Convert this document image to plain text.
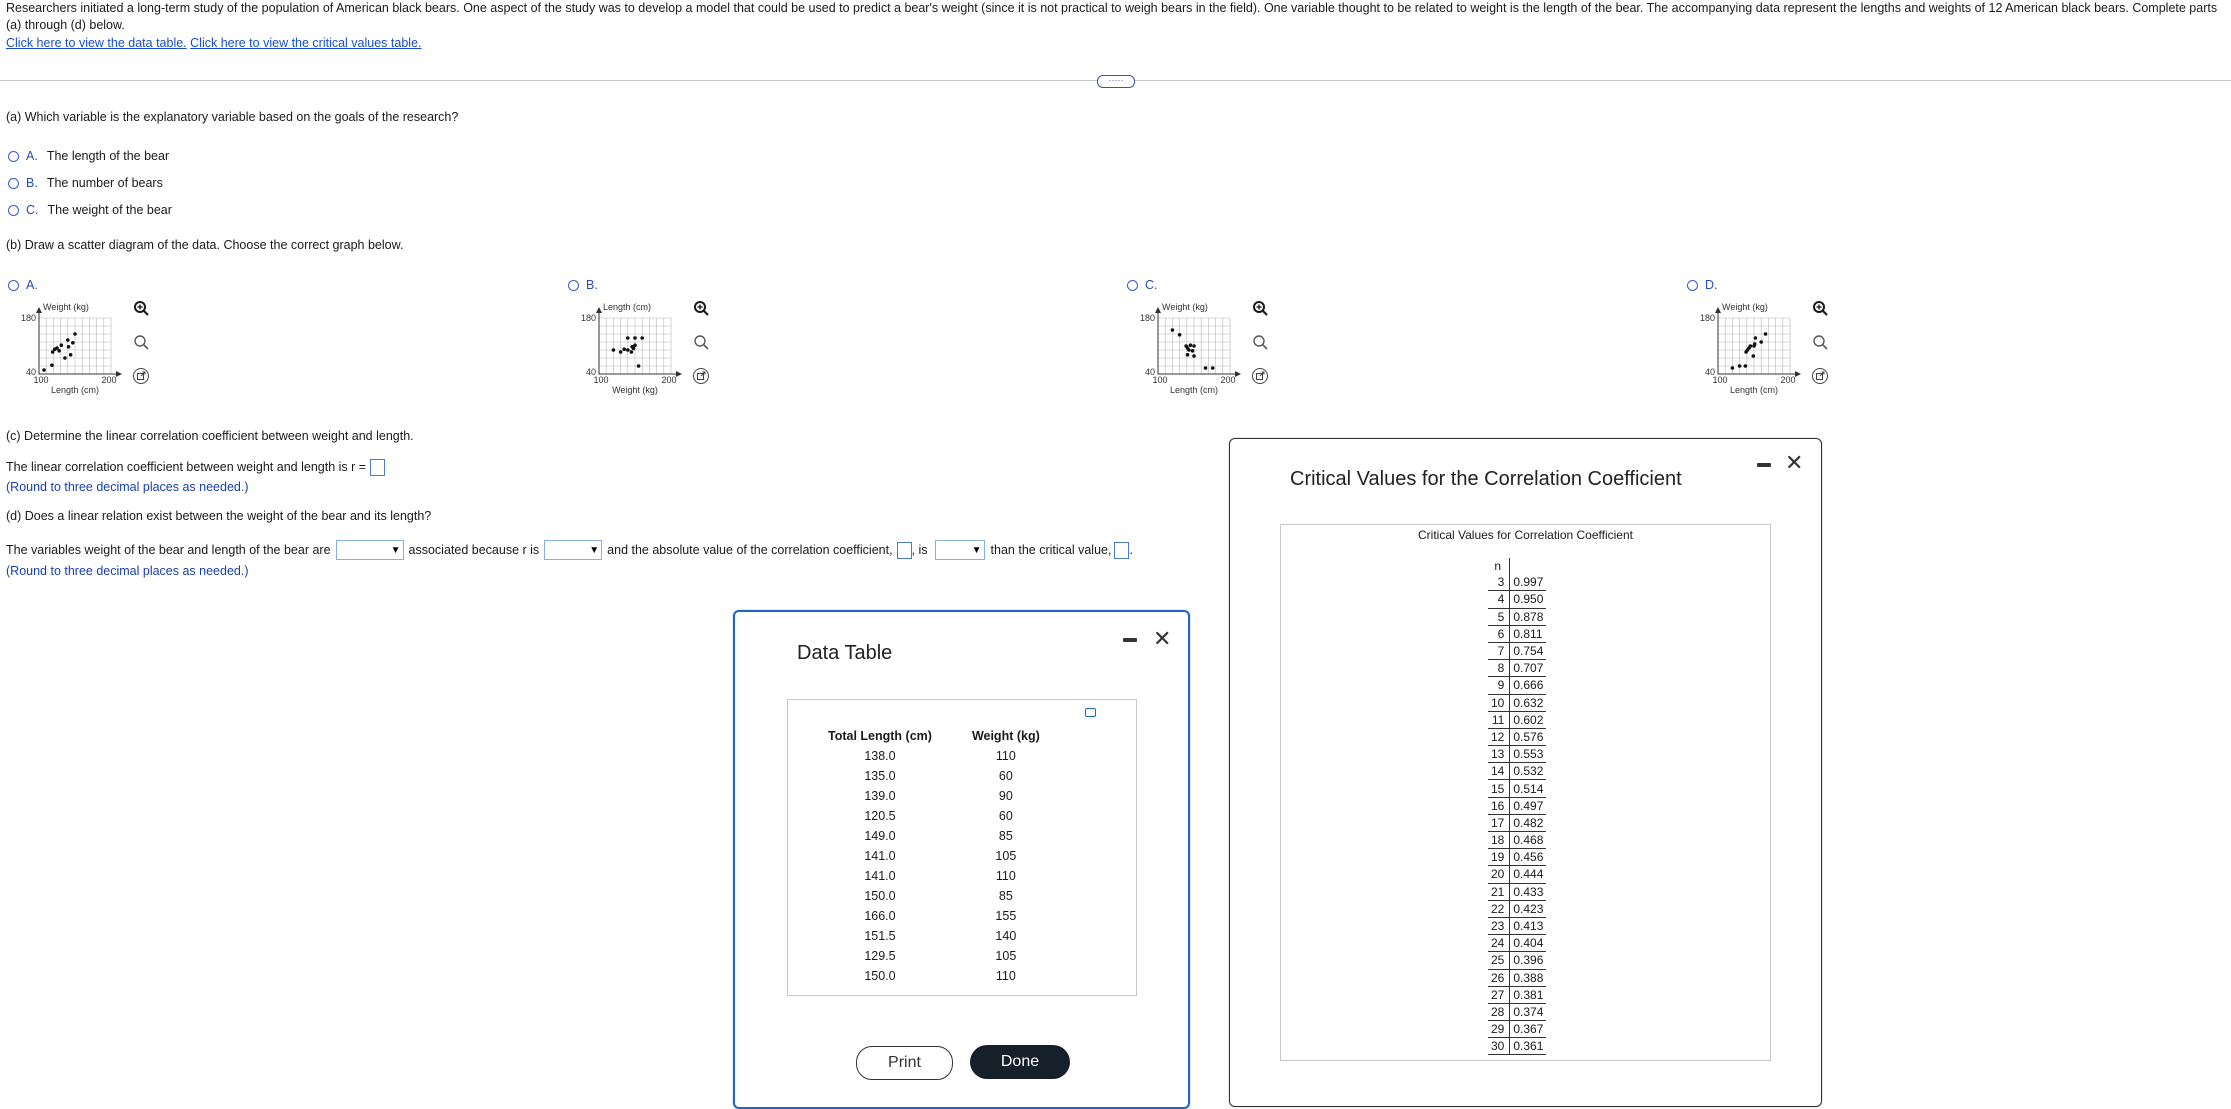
Researchers initiated a long-term study of the population of American black bears. One aspect of the study was to develop a model that could be used to predict a bear's weight (since it is not practical to weigh bears in the field). One variable thought to be related to weight is the length of the bear. The accompanying data represent the lengths and weights of 12 American black bears. Complete parts (a) through (d) below.
Click here to view the data table. Click here to view the critical values table.
·····
(a) Which variable is the explanatory variable based on the goals of the research?
A. The length of the bear
B. The number of bears
C. The weight of the bear
(b) Draw a scatter diagram of the data. Choose the correct graph below.
A.
Weight (kg)
180
40
100	200
Length (cm)
B.
Length (cm)
180
40
100	200
Weight (kg)
C.
Weight (kg)
180
40
100	200
Length (cm)
D.
Weight (kg)
180
40
100	200
Length (cm)
(c) Determine the linear correlation coefficient between weight and length.
The linear correlation coefficient between weight and length is r =
(Round to three decimal places as needed.)
(d) Does a linear relation exist between the weight of the bear and its length?
The variables weight of the bear and length of the bear are ▼	associated because r is ▼	and the absolute value of the correlation coefficient, , is ▼	than the critical value, .
(Round to three decimal places as needed.)
Data Table
✕
Total Length (cm)	Weight (kg)
138.0	110
135.0	60
139.0	90
120.5	60
149.0	85
141.0	105
141.0	110
150.0	85
166.0	155
151.5	140
129.5	105
150.0	110
Print	Done
Critical Values for the Correlation Coefficient
✕
Critical Values for Correlation Coefficient
n	
3	0.997
4	0.950
5	0.878
6	0.811
7	0.754
8	0.707
9	0.666
10	0.632
11	0.602
12	0.576
13	0.553
14	0.532
15	0.514
16	0.497
17	0.482
18	0.468
19	0.456
20	0.444
21	0.433
22	0.423
23	0.413
24	0.404
25	0.396
26	0.388
27	0.381
28	0.374
29	0.367
30	0.361
